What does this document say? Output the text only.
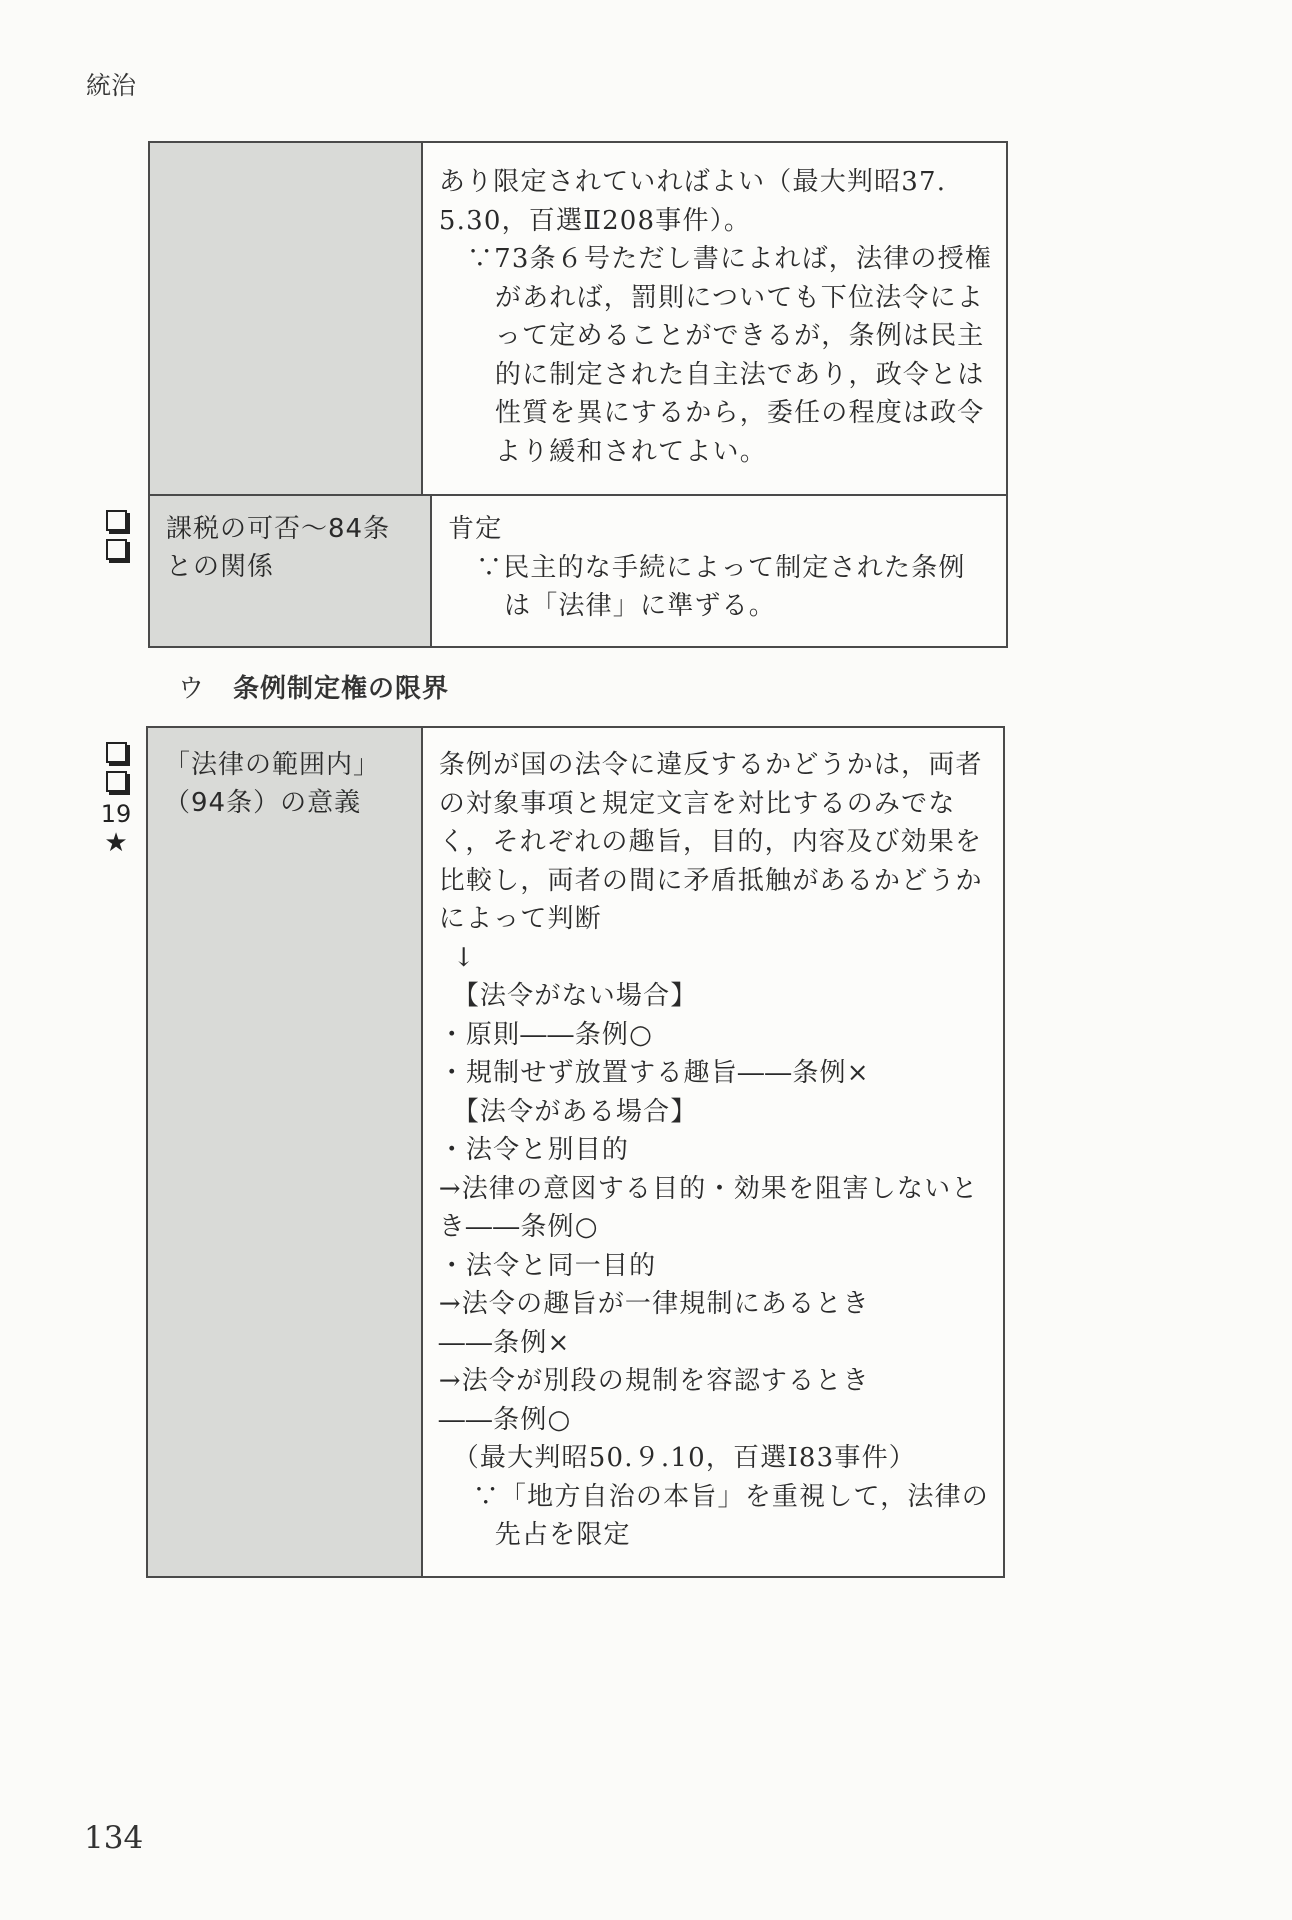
統治
あり限定されていればよい（最大判昭37.
5.30，百選Ⅱ208事件）。
∵73条６号ただし書によれば，法律の授権
があれば，罰則についても下位法令によ
って定めることができるが，条例は民主
的に制定された自主法であり，政令とは
性質を異にするから，委任の程度は政令
より緩和されてよい。
課税の可否～84条
との関係
肯定
∵民主的な手続によって制定された条例
は「法律」に準ずる。
ウ 条例制定権の限界
「法律の範囲内」
（94条）の意義
条例が国の法令に違反するかどうかは，両者
の対象事項と規定文言を対比するのみでな
く，それぞれの趣旨，目的，内容及び効果を
比較し，両者の間に矛盾抵触があるかどうか
によって判断
↓
【法令がない場合】
・原則――条例○
・規制せず放置する趣旨――条例×
【法令がある場合】
・法令と別目的
→法律の意図する目的・効果を阻害しないと
き――条例○
・法令と同一目的
→法令の趣旨が一律規制にあるとき
――条例×
→法令が別段の規制を容認するとき
――条例○
（最大判昭50.９.10，百選Ⅰ83事件）
∵「地方自治の本旨」を重視して，法律の
先占を限定
19
★
134
